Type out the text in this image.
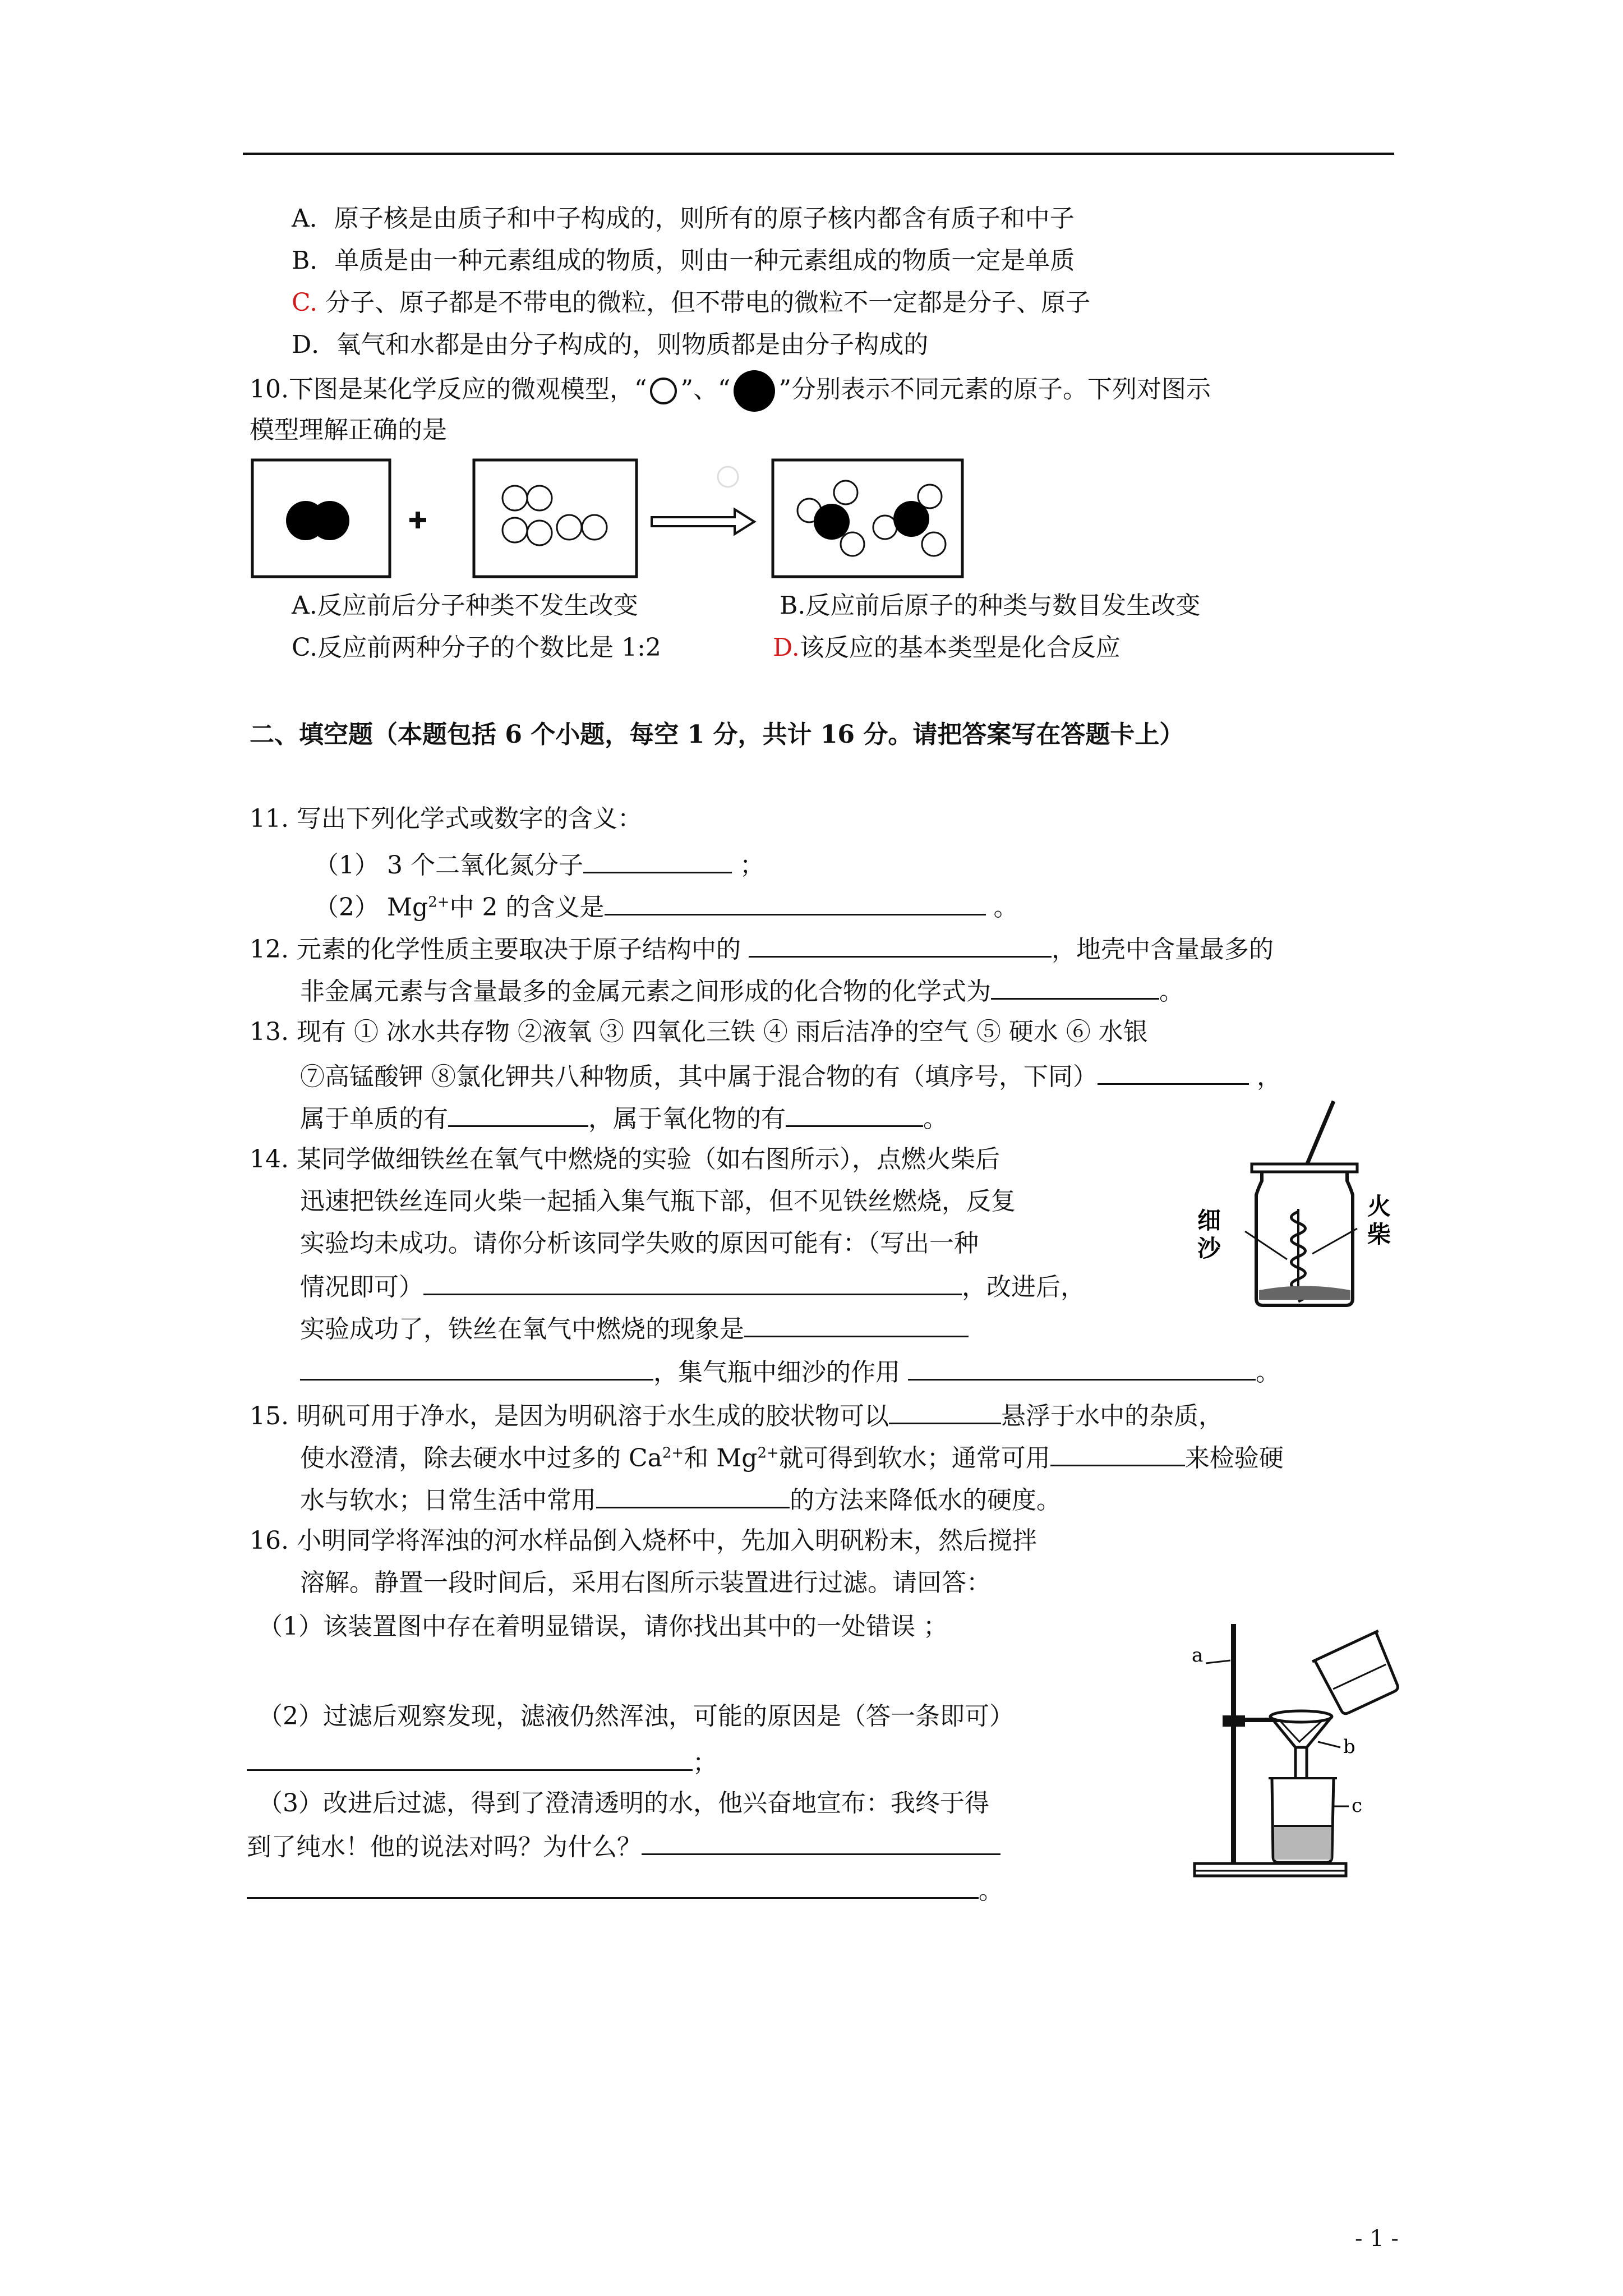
A．原子核是由质子和中子构成的，则所有的原子核内都含有质子和中子
B．单质是由一种元素组成的物质，则由一种元素组成的物质一定是单质
C. 分子、原子都是不带电的微粒，但不带电的微粒不一定都是分子、原子
D．氧气和水都是由分子构成的，则物质都是由分子构成的
10.下图是某化学反应的微观模型，“ ”、“ ”分别表示不同元素的原子。下列对图示
模型理解正确的是
A.反应前后分子种类不发生改变	B.反应前后原子的种类与数目发生改变
C.反应前两种分子的个数比是 1:2	D.该反应的基本类型是化合反应
二、填空题（本题包括 6 个小题，每空 1 分，共计 16 分。请把答案写在答题卡上）
11. 写出下列化学式或数字的含义：
（1） 3 个二氧化氮分子	；
（2） $Mg^{2+}$中 2 的含义是	。
12. 元素的化学性质主要取决于原子结构中的	，地壳中含量最多的
非金属元素与含量最多的金属元素之间形成的化合物的化学式为	。
13. 现有 ① 冰水共存物 ②液氧 ③ 四氧化三铁 ④ 雨后洁净的空气 ⑤ 硬水 ⑥ 水银
⑦高锰酸钾 ⑧氯化钾共八种物质，其中属于混合物的有（填序号，下同）	，
属于单质的有	，属于氧化物的有	。
14. 某同学做细铁丝在氧气中燃烧的实验（如右图所示），点燃火柴后
迅速把铁丝连同火柴一起插入集气瓶下部，但不见铁丝燃烧，反复
实验均未成功。请你分析该同学失败的原因可能有：（写出一种
情况即可）	，改进后，
实验成功了，铁丝在氧气中燃烧的现象是
，集气瓶中细沙的作用	。
细
沙
火
柴
15. 明矾可用于净水，是因为明矾溶于水生成的胶状物可以	悬浮于水中的杂质，
使水澄清，除去硬水中过多的 $Ca^{2+}$和 $Mg^{2+}$就可得到软水；通常可用	来检验硬
水与软水；日常生活中常用	的方法来降低水的硬度。
16. 小明同学将浑浊的河水样品倒入烧杯中，先加入明矾粉末，然后搅拌
溶解。静置一段时间后，采用右图所示装置进行过滤。请回答：
（1）该装置图中存在着明显错误，请你找出其中的一处错误 ；
（2）过滤后观察发现，滤液仍然浑浊，可能的原因是（答一条即可）
；
（3）改进后过滤，得到了澄清透明的水，他兴奋地宣布：我终于得
到了纯水！他的说法对吗？为什么？
。
a
b
c
- 1 -
